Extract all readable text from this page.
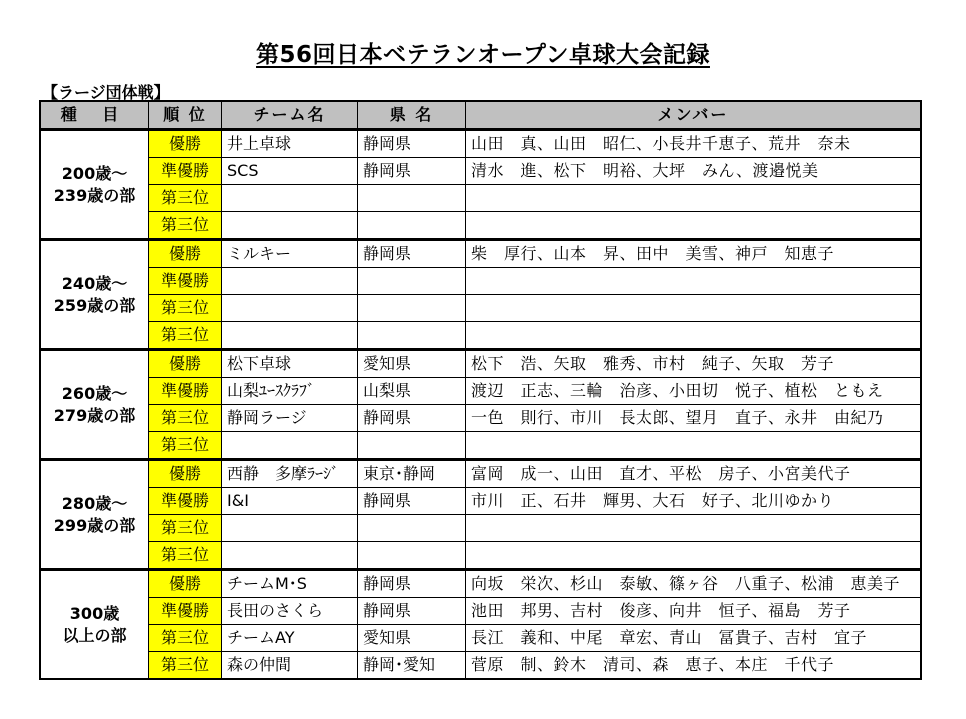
第56回日本ベテランオープン卓球大会記録
【ラージ団体戦】
種 目	順 位	チーム名	県 名	メンバー

200歳～
239歳の部	優勝	井上卓球	静岡県	山田　真、山田　昭仁、小長井千恵子、荒井　奈未
	準優勝	SCS	静岡県	清水　進、松下　明裕、大坪　みん、渡邉悦美
	第三位			
	第三位			

240歳～
259歳の部	優勝	ミルキー	静岡県	柴　厚行、山本　昇、田中　美雪、神戸　知恵子
	準優勝			
	第三位			
	第三位			

260歳～
279歳の部	優勝	松下卓球	愛知県	松下　浩、矢取　雅秀、市村　純子、矢取　芳子
	準優勝	山梨ﾕｰｽｸﾗﾌﾞ	山梨県	渡辺　正志、三輪　治彦、小田切　悦子、植松　ともえ
	第三位	静岡ラージ	静岡県	一色　則行、市川　長太郎、望月　直子、永井　由紀乃
	第三位			

280歳～
299歳の部	優勝	西静　多摩ﾗｰｼﾞ	東京･静岡	富岡　成一、山田　直才、平松　房子、小宮美代子
	準優勝	I&I	静岡県	市川　正、石井　輝男、大石　好子、北川ゆかり
	第三位			
	第三位			

300歳
以上の部	優勝	チームM･S	静岡県	向坂　栄次、杉山　泰敏、篠ヶ谷　八重子、松浦　恵美子
	準優勝	長田のさくら	静岡県	池田　邦男、吉村　俊彦、向井　恒子、福島　芳子
	第三位	チームAY	愛知県	長江　義和、中尾　章宏、青山　冨貴子、吉村　宜子
	第三位	森の仲間	静岡･愛知	菅原　制、鈴木　清司、森　恵子、本庄　千代子
